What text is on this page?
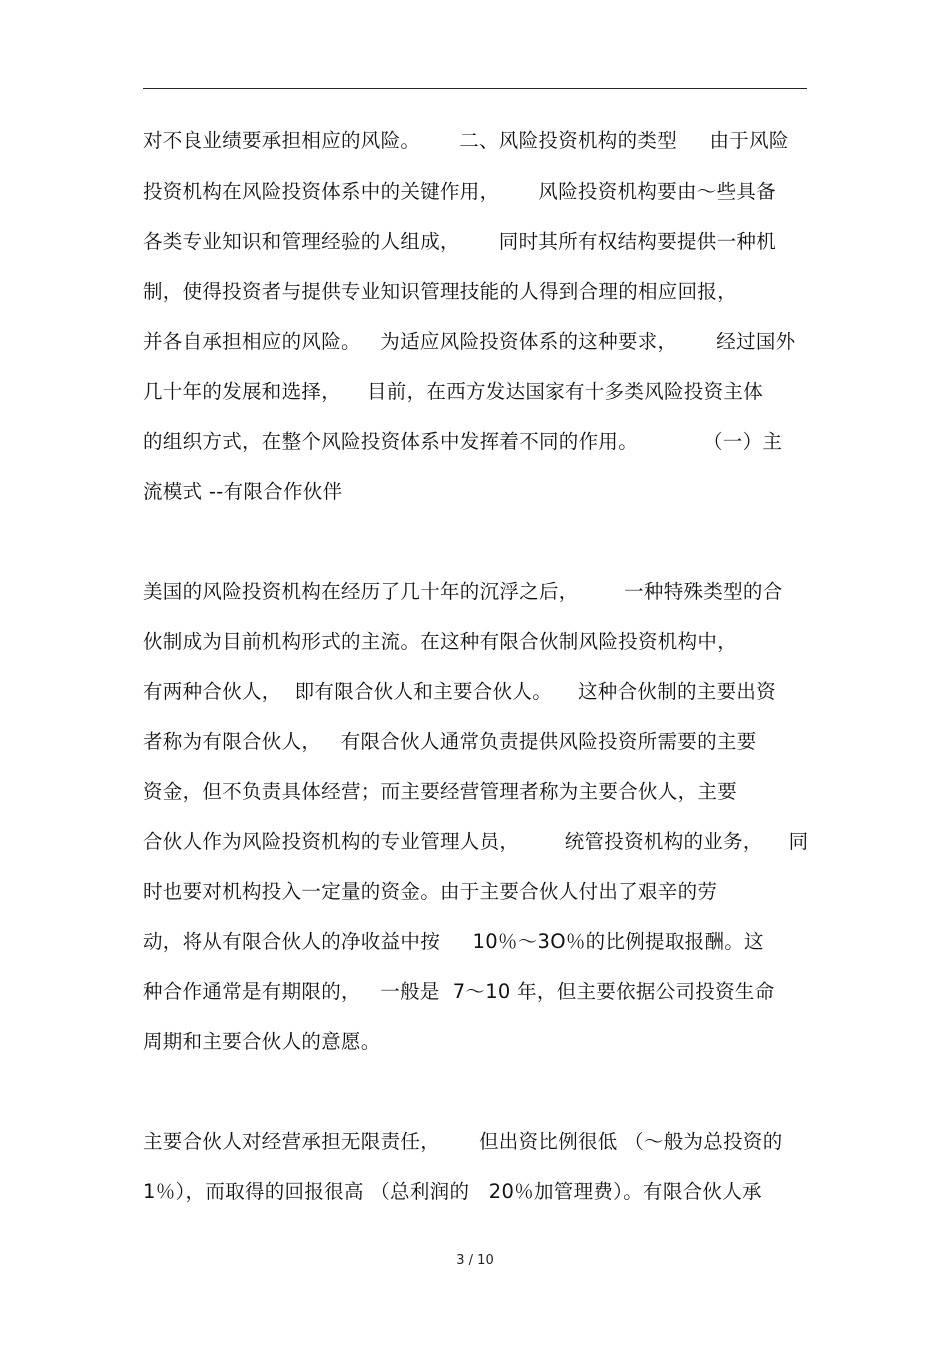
对不良业绩要承担相应的风险。      二、风险投资机构的类型     由于风险
投资机构在风险投资体系中的关键作用，      风险投资机构要由～些具备
各类专业知识和管理经验的人组成，      同时其所有权结构要提供一种机
制，使得投资者与提供专业知识管理技能的人得到合理的相应回报，
并各自承担相应的风险。   为适应风险投资体系的这种要求，      经过国外
几十年的发展和选择，    目前，在西方发达国家有十多类风险投资主体
的组织方式，在整个风险投资体系中发挥着不同的作用。          （一）主
流模式 --有限合作伙伴
美国的风险投资机构在经历了几十年的沉浮之后，       一种特殊类型的合
伙制成为目前机构形式的主流。在这种有限合伙制风险投资机构中，
有两种合伙人，  即有限合伙人和主要合伙人。    这种合伙制的主要出资
者称为有限合伙人，   有限合伙人通常负责提供风险投资所需要的主要
资金，但不负责具体经营；而主要经营管理者称为主要合伙人，主要
合伙人作为风险投资机构的专业管理人员，       统管投资机构的业务，    同
时也要对机构投入一定量的资金。由于主要合伙人付出了艰辛的劳
动，将从有限合伙人的净收益中按     10％～3O％的比例提取报酬。这
种合作通常是有期限的，   一般是  7～10 年，但主要依据公司投资生命
周期和主要合伙人的意愿。
主要合伙人对经营承担无限责任，      但出资比例很低 （～般为总投资的
1％），而取得的回报很高 （总利润的   20％加管理费）。有限合伙人承
3 / 10
